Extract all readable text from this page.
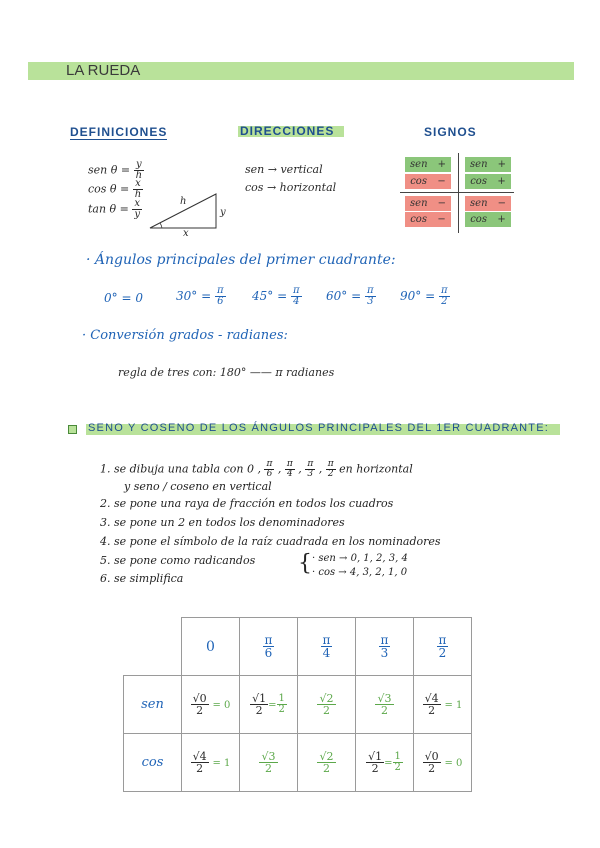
LA RUEDA
DEFINICIONES	DIRECCIONES	SIGNOS
sen $\theta = \frac{y}{h}$
$\cos \theta = \frac{x}{h}$
$\tan \theta = \frac{x}{y}$	h
x
y
sen → vertical
cos → horizontal
sen + sen +
cos − cos +
sen − sen −
cos − cos +
· Ángulos principales del primer cuadrante:
0° = 0	$30^\circ = \frac{\pi}{6} 45^\circ = \frac{\pi}{4} 60^\circ = \frac{\pi}{3} 90^\circ = \frac{\pi}{2}$
· Conversión grados - radianes:
regla de tres con: 180° —— π radianes
SENO Y COSENO DE LOS ÁNGULOS PRINCIPALES DEL 1ER CUADRANTE:
1. se dibuja una tabla con 0 , $\frac{\pi}{6}$ , $\frac{\pi}{4}$ , $\frac{\pi}{3}$ , $\frac{\pi}{2}$ en horizontal
y seno / coseno en vertical
2. se pone una raya de fracción en todos los cuadros
3. se pone un 2 en todos los denominadores
4. se pone el símbolo de la raíz cuadrada en los nominadores
5. se pone como radicandos
6. se simplifica
{ · sen → 0, 1, 2, 3, 4
· cos → 4, 3, 2, 1, 0
	0	$\frac{\pi}{6}$	$\frac{\pi}{4}$	$\frac{\pi}{3}$	$\frac{\pi}{2}$

sen	$\frac{√0}{2} = 0$	$\frac{√1}{2} = \frac{1}{2}$	$\frac{√2}{2}$	$\frac{√3}{2}$	$\frac{√4}{2} = 1$
cos	$\frac{√4}{2} = 1$	$\frac{√3}{2}$	$\frac{√2}{2}$	$\frac{√1}{2} = \frac{1}{2}$	$\frac{√0}{2} = 0$
